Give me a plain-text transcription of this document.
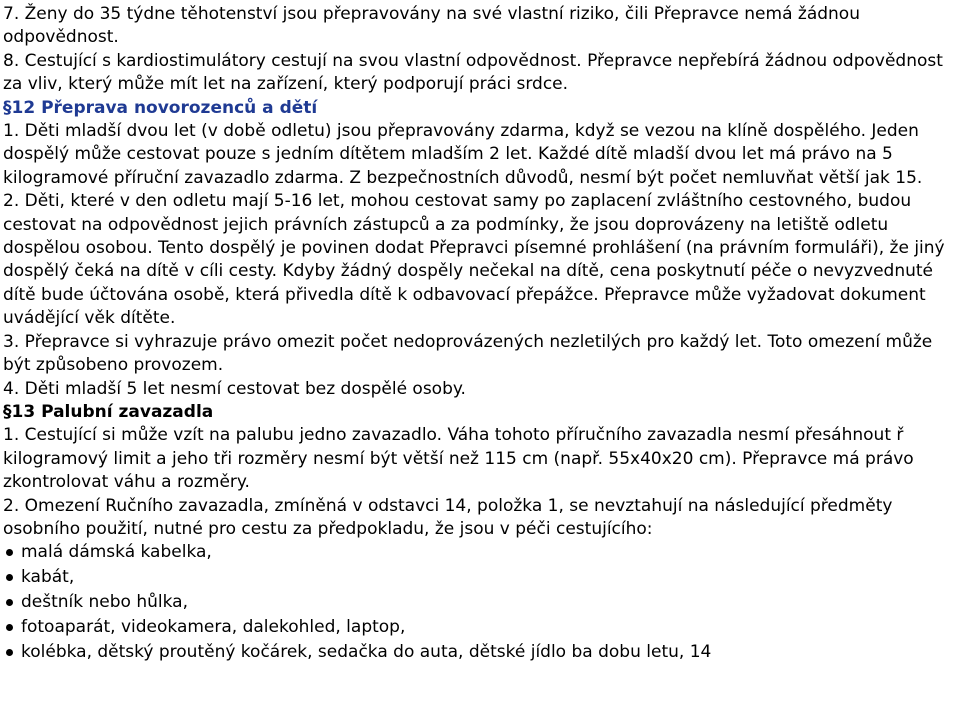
7. Ženy do 35 týdne těhotenství jsou přepravovány na své vlastní riziko, čili Přepravce nemá žádnou odpovědnost.

8. Cestující s kardiostimulátory cestují na svou vlastní odpovědnost. Přepravce nepřebírá žádnou odpovědnost za vliv, který může mít let na zařízení, který podporují práci srdce.

§12 Přeprava novorozenců a dětí

1. Děti mladší dvou let (v době odletu) jsou přepravovány zdarma, když se vezou na klíně dospělého. Jeden dospělý může cestovat pouze s jedním dítětem mladším 2 let. Každé dítě mladší dvou let má právo na 5 kilogramové příruční zavazadlo zdarma. Z bezpečnostních důvodů, nesmí být počet nemluvňat větší jak 15.

2. Děti, které v den odletu mají 5-16 let, mohou cestovat samy po zaplacení zvláštního cestovného, budou cestovat na odpovědnost jejich právních zástupců a za podmínky, že jsou doprovázeny na letiště odletu dospělou osobou. Tento dospělý je povinen dodat Přepravci písemné prohlášení (na právním formuláři), že jiný dospělý čeká na dítě v cíli cesty. Kdyby žádný dospěly nečekal na dítě, cena poskytnutí péče o nevyzvednuté dítě bude účtována osobě, která přivedla dítě k odbavovací přepážce. Přepravce může vyžadovat dokument uvádějící věk dítěte.

3. Přepravce si vyhrazuje právo omezit počet nedoprovázených nezletilých pro každý let. Toto omezení může být způsobeno provozem.

4. Děti mladší 5 let nesmí cestovat bez dospělé osoby.

§13 Palubní zavazadla

1. Cestující si může vzít na palubu jedno zavazadlo. Váha tohoto příručního zavazadla nesmí přesáhnout ř kilogramový limit a jeho tři rozměry nesmí být větší než 115 cm (např. 55x40x20 cm). Přepravce má právo zkontrolovat váhu a rozměry.

2. Omezení Ručního zavazadla, zmíněná v odstavci 14, položka 1, se nevztahují na následující předměty osobního použití, nutné pro cestu za předpokladu, že jsou v péči cestujícího:

malá dámská kabelka,
kabát,
deštník nebo hůlka,
fotoaparát, videokamera, dalekohled, laptop,
kolébka, dětský proutěný kočárek, sedačka do auta, dětské jídlo ba dobu letu, 14
